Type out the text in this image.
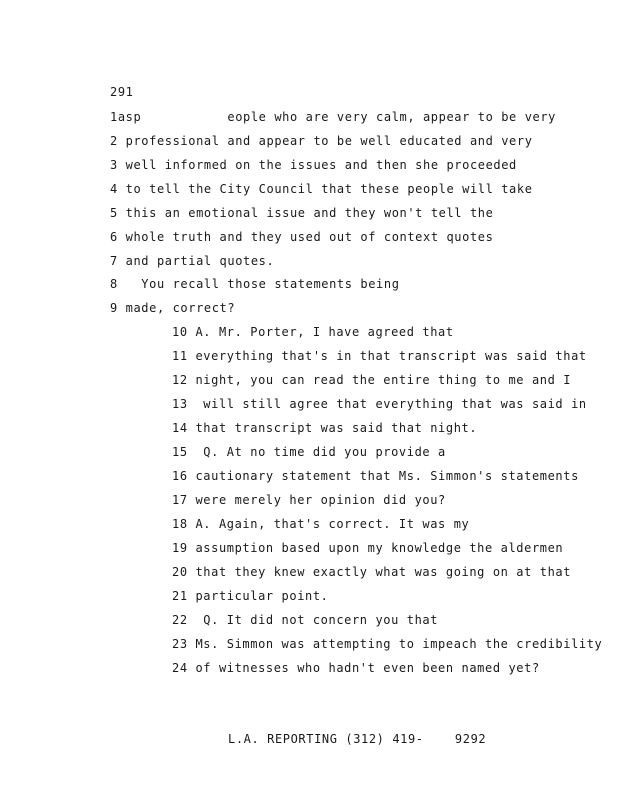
291
1asp           eople who are very calm, appear to be very
2 professional and appear to be well educated and very
3 well informed on the issues and then she proceeded
4 to tell the City Council that these people will take
5 this an emotional issue and they won't tell the
6 whole truth and they used out of context quotes
7 and partial quotes.
8   You recall those statements being
9 made, correct?
10 A. Mr. Porter, I have agreed that
11 everything that's in that transcript was said that
12 night, you can read the entire thing to me and I
13  will still agree that everything that was said in
14 that transcript was said that night.
15  Q. At no time did you provide a
16 cautionary statement that Ms. Simmon's statements
17 were merely her opinion did you?
18 A. Again, that's correct. It was my
19 assumption based upon my knowledge the aldermen
20 that they knew exactly what was going on at that
21 particular point.
22  Q. It did not concern you that
23 Ms. Simmon was attempting to impeach the credibility
24 of witnesses who hadn't even been named yet?
L.A. REPORTING (312) 419-    9292
